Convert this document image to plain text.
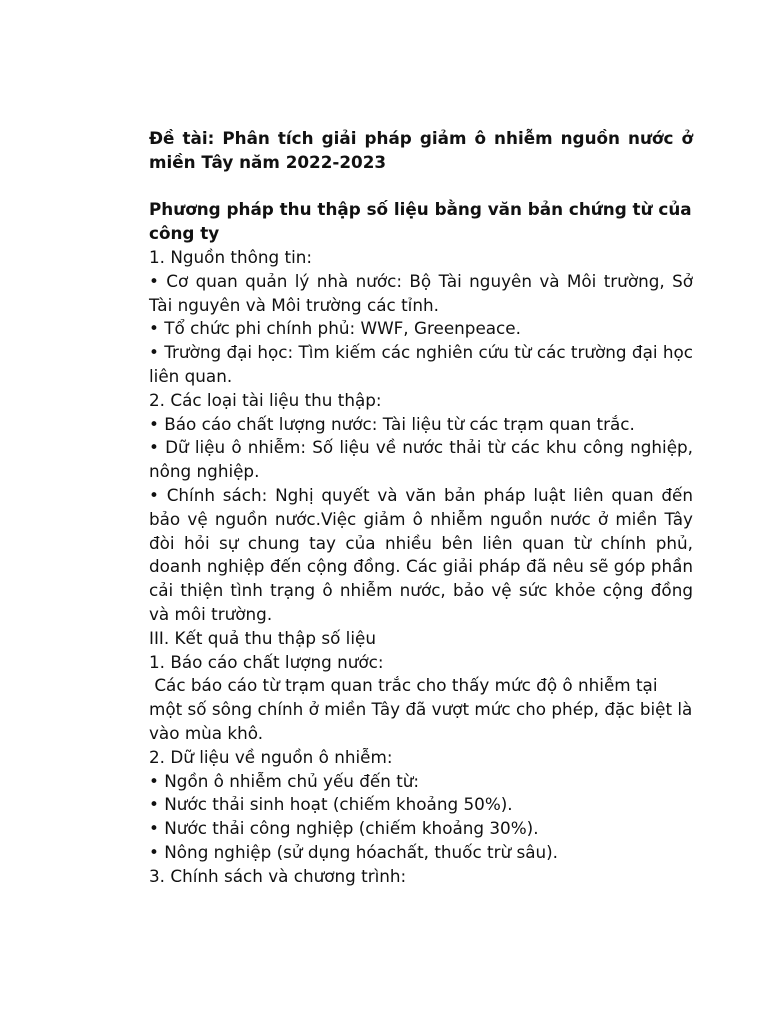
Đề tài: Phân tích giải pháp giảm ô nhiễm nguồn nước ở miền Tây năm 2022-2023

Phương pháp thu thập số liệu bằng văn bản chứng từ của công ty

1. Nguồn thông tin:

• Cơ quan quản lý nhà nước: Bộ Tài nguyên và Môi trường, Sở Tài nguyên và Môi trường các tỉnh.

• Tổ chức phi chính phủ: WWF, Greenpeace.

• Trường đại học: Tìm kiếm các nghiên cứu từ các trường đại học liên quan.

2. Các loại tài liệu thu thập:

• Báo cáo chất lượng nước: Tài liệu từ các trạm quan trắc.

• Dữ liệu ô nhiễm: Số liệu về nước thải từ các khu công nghiệp, nông nghiệp.

• Chính sách: Nghị quyết và văn bản pháp luật liên quan đến bảo vệ nguồn nước.Việc giảm ô nhiễm nguồn nước ở miền Tây đòi hỏi sự chung tay của nhiều bên liên quan từ chính phủ, doanh nghiệp đến cộng đồng. Các giải pháp đã nêu sẽ góp phần cải thiện tình trạng ô nhiễm nước, bảo vệ sức khỏe cộng đồng và môi trường.

III. Kết quả thu thập số liệu

1. Báo cáo chất lượng nước:

Các báo cáo từ trạm quan trắc cho thấy mức độ ô nhiễm tại một số sông chính ở miền Tây đã vượt mức cho phép, đặc biệt là vào mùa khô.

2. Dữ liệu về nguồn ô nhiễm:

• Ngồn ô nhiễm chủ yếu đến từ:

• Nước thải sinh hoạt (chiếm khoảng 50%).

• Nước thải công nghiệp (chiếm khoảng 30%).

• Nông nghiệp (sử dụng hóachất, thuốc trừ sâu).

3. Chính sách và chương trình:
